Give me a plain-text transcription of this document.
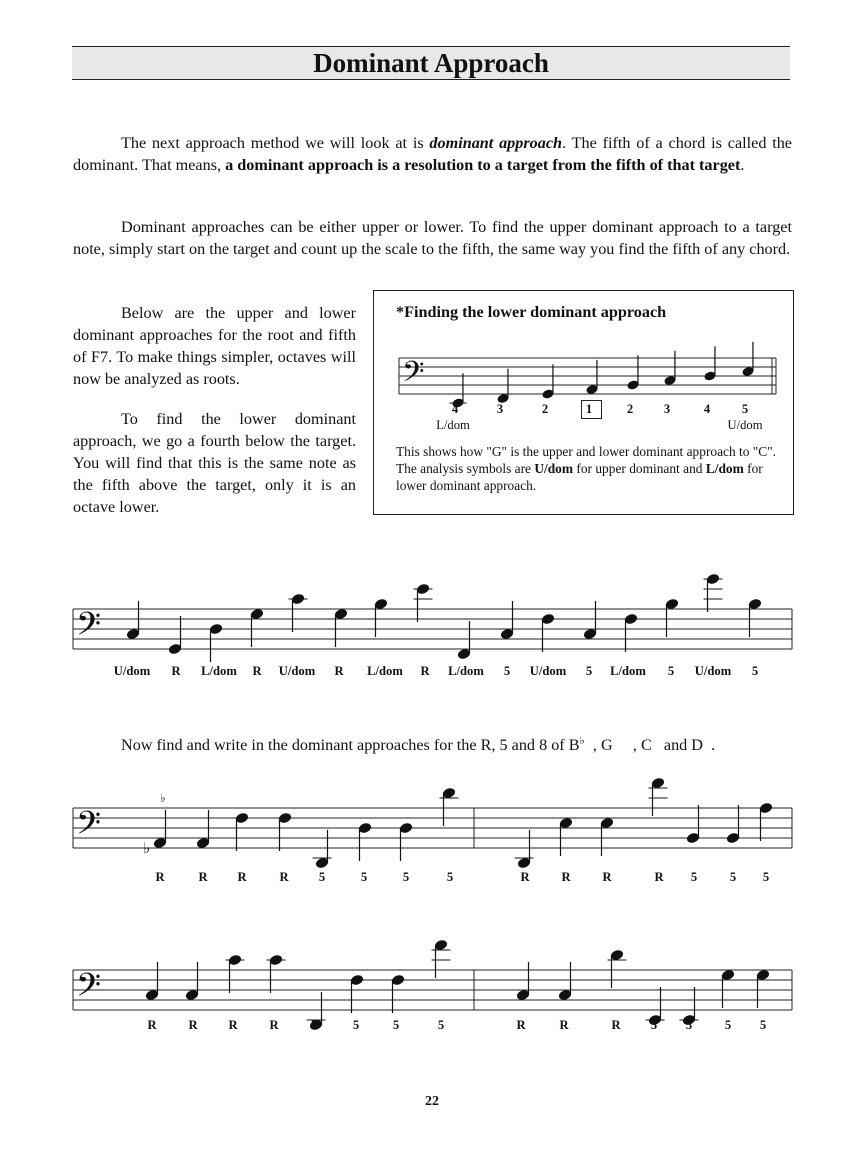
Dominant Approach

The next approach method we will look at is dominant approach. The fifth of a chord is called the dominant. That means, a dominant approach is a resolution to a target from the fifth of that target.

Dominant approaches can be either upper or lower. To find the upper dominant approach to a target note, simply start on the target and count up the scale to the fifth, the same way you find the fifth of any chord.

Below are the upper and lower dominant approaches for the root and fifth of F7. To make things simpler, octaves will now be analyzed as roots.

To find the lower dominant approach, we go a fourth below the target. You will find that this is the same note as the fifth above the target, only it is an octave lower.

*Finding the lower dominant approach
This shows how "G" is the upper and lower dominant approach to "C". The analysis symbols are U/dom for upper dominant and L/dom for lower dominant approach.
𝄢
𝄢
𝄢
♭
♭
𝄢
4	3	2	1	2 3	4	5
L/dom	U/dom
U/dom R L/dom R U/dom R L/dom R L/dom 5 U/dom 5 L/dom 5 U/dom 5
R	R R	R 5	5	5	5	R	R	R	R 5	5 5
R	R R	R	5	5	5	5	R	R	R 5 5	5 5
Now find and write in the dominant approaches for the R, 5 and 8 of B♭  , G     , C   and D  .
22
